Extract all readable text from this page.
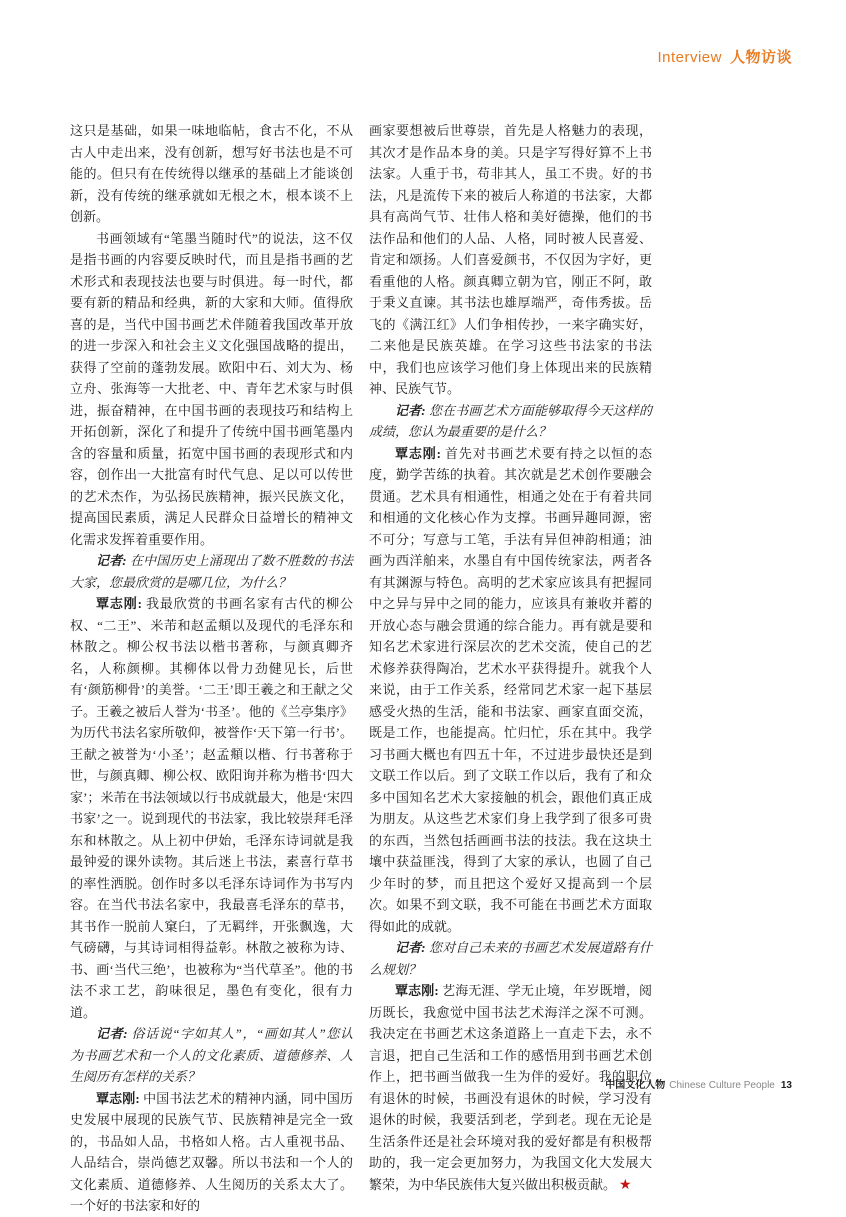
Interview 人物访谈

这只是基础，如果一味地临帖，食古不化，不从古人中走出来，没有创新，想写好书法也是不可能的。但只有在传统得以继承的基础上才能谈创新，没有传统的继承就如无根之木，根本谈不上创新。

书画领域有“笔墨当随时代”的说法，这不仅是指书画的内容要反映时代，而且是指书画的艺术形式和表现技法也要与时俱进。每一时代，都要有新的精品和经典，新的大家和大师。值得欣喜的是，当代中国书画艺术伴随着我国改革开放的进一步深入和社会主义文化强国战略的提出，获得了空前的蓬勃发展。欧阳中石、刘大为、杨立舟、张海等一大批老、中、青年艺术家与时俱进，振奋精神，在中国书画的表现技巧和结构上开拓创新，深化了和提升了传统中国书画笔墨内含的容量和质量，拓宽中国书画的表现形式和内容，创作出一大批富有时代气息、足以可以传世的艺术杰作，为弘扬民族精神，振兴民族文化，提高国民素质，满足人民群众日益增长的精神文化需求发挥着重要作用。

记者: 在中国历史上涌现出了数不胜数的书法大家，您最欣赏的是哪几位，为什么？

覃志刚: 我最欣赏的书画名家有古代的柳公权、“二王”、米芾和赵孟頫以及现代的毛泽东和林散之。柳公权书法以楷书著称，与颜真卿齐名，人称颜柳。其柳体以骨力劲健见长，后世有‘颜筋柳骨’的美誉。‘二王’即王羲之和王献之父子。王羲之被后人誉为‘书圣’。他的《兰亭集序》为历代书法名家所敬仰，被誉作‘天下第一行书’。王献之被誉为‘小圣’；赵孟頫以楷、行书著称于世，与颜真卿、柳公权、欧阳询并称为楷书‘四大家’；米芾在书法领域以行书成就最大，他是‘宋四书家’之一。说到现代的书法家，我比较崇拜毛泽东和林散之。从上初中伊始，毛泽东诗词就是我最钟爱的课外读物。其后迷上书法，素喜行草书的率性洒脱。创作时多以毛泽东诗词作为书写内容。在当代书法名家中，我最喜毛泽东的草书，其书作一脱前人窠臼，了无羁绊，开张飘逸，大气磅礴，与其诗词相得益彰。林散之被称为诗、书、画‘当代三绝’，也被称为“当代草圣”。他的书法不求工艺，韵味很足，墨色有变化，很有力道。

记者: 俗话说“字如其人”，“画如其人”您认为书画艺术和一个人的文化素质、道德修养、人生阅历有怎样的关系？

覃志刚: 中国书法艺术的精神内涵，同中国历史发展中展现的民族气节、民族精神是完全一致的，书品如人品，书格如人格。古人重视书品、人品结合，崇尚德艺双馨。所以书法和一个人的文化素质、道德修养、人生阅历的关系太大了。一个好的书法家和好的

画家要想被后世尊崇，首先是人格魅力的表现，其次才是作品本身的美。只是字写得好算不上书法家。人重于书，苟非其人，虽工不贵。好的书法，凡是流传下来的被后人称道的书法家，大都具有高尚气节、壮伟人格和美好德操，他们的书法作品和他们的人品、人格，同时被人民喜爱、肯定和颂扬。人们喜爱颜书，不仅因为字好，更看重他的人格。颜真卿立朝为官，刚正不阿，敢于秉义直谏。其书法也雄厚端严，奇伟秀拔。岳飞的《满江红》人们争相传抄，一来字确实好，二来他是民族英雄。在学习这些书法家的书法中，我们也应该学习他们身上体现出来的民族精神、民族气节。

记者: 您在书画艺术方面能够取得今天这样的成绩，您认为最重要的是什么？

覃志刚: 首先对书画艺术要有持之以恒的态度，勤学苦练的执着。其次就是艺术创作要融会贯通。艺术具有相通性，相通之处在于有着共同和相通的文化核心作为支撑。书画异趣同源，密不可分；写意与工笔，手法有异但神韵相通；油画为西洋舶来，水墨自有中国传统家法，两者各有其渊源与特色。高明的艺术家应该具有把握同中之异与异中之同的能力，应该具有兼收并蓄的开放心态与融会贯通的综合能力。再有就是要和知名艺术家进行深层次的艺术交流，使自己的艺术修养获得陶冶，艺术水平获得提升。就我个人来说，由于工作关系，经常同艺术家一起下基层感受火热的生活，能和书法家、画家直面交流，既是工作，也能提高。忙归忙，乐在其中。我学习书画大概也有四五十年，不过进步最快还是到文联工作以后。到了文联工作以后，我有了和众多中国知名艺术大家接触的机会，跟他们真正成为朋友。从这些艺术家们身上我学到了很多可贵的东西，当然包括画画书法的技法。我在这块土壤中获益匪浅，得到了大家的承认，也圆了自己少年时的梦，而且把这个爱好又提高到一个层次。如果不到文联，我不可能在书画艺术方面取得如此的成就。

记者: 您对自己未来的书画艺术发展道路有什么规划？

覃志刚: 艺海无涯、学无止境，年岁既增，阅历既长，我愈觉中国书法艺术海洋之深不可测。我决定在书画艺术这条道路上一直走下去，永不言退，把自己生活和工作的感悟用到书画艺术创作上，把书画当做我一生为伴的爱好。我的职位有退休的时候，书画没有退休的时候，学习没有退休的时候，我要活到老，学到老。现在无论是生活条件还是社会环境对我的爱好都是有积极帮助的，我一定会更加努力，为我国文化大发展大繁荣，为中华民族伟大复兴做出积极贡献。 ★

中国文化人物 Chinese Culture People 13
